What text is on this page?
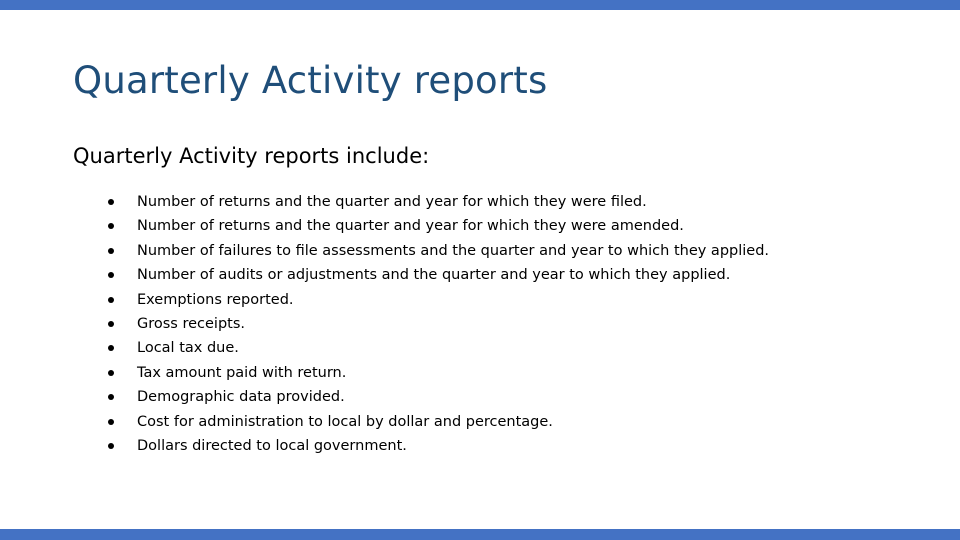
Quarterly Activity reports

Quarterly Activity reports include:

Number of returns and the quarter and year for which they were filed.
Number of returns and the quarter and year for which they were amended.
Number of failures to file assessments and the quarter and year to which they applied.
Number of audits or adjustments and the quarter and year to which they applied.
Exemptions reported.
Gross receipts.
Local tax due.
Tax amount paid with return.
Demographic data provided.
Cost for administration to local by dollar and percentage.
Dollars directed to local government.
